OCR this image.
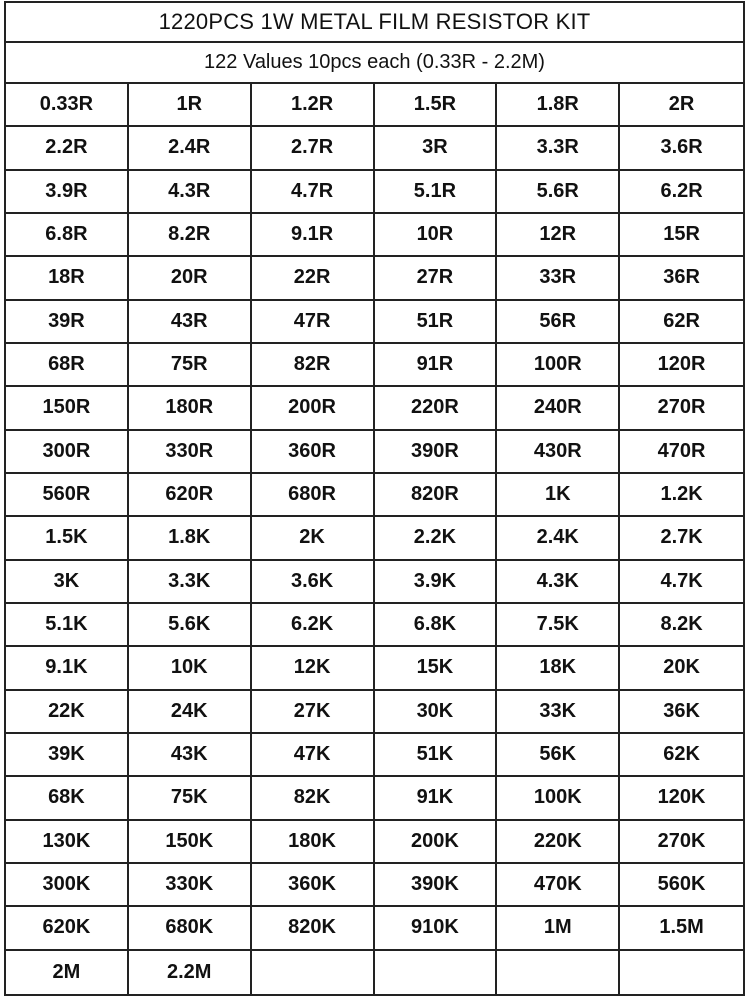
1220PCS 1W METAL FILM RESISTOR KIT
122 Values 10pcs each (0.33R - 2.2M)
0.33R	1R	1.2R	1.5R	1.8R	2R
2.2R	2.4R	2.7R	3R	3.3R	3.6R
3.9R	4.3R	4.7R	5.1R	5.6R	6.2R
6.8R	8.2R	9.1R	10R	12R	15R
18R	20R	22R	27R	33R	36R
39R	43R	47R	51R	56R	62R
68R	75R	82R	91R	100R	120R
150R	180R	200R	220R	240R	270R
300R	330R	360R	390R	430R	470R
560R	620R	680R	820R	1K	1.2K
1.5K	1.8K	2K	2.2K	2.4K	2.7K
3K	3.3K	3.6K	3.9K	4.3K	4.7K
5.1K	5.6K	6.2K	6.8K	7.5K	8.2K
9.1K	10K	12K	15K	18K	20K
22K	24K	27K	30K	33K	36K
39K	43K	47K	51K	56K	62K
68K	75K	82K	91K	100K	120K
130K	150K	180K	200K	220K	270K
300K	330K	360K	390K	470K	560K
620K	680K	820K	910K	1M	1.5M
2M	2.2M
